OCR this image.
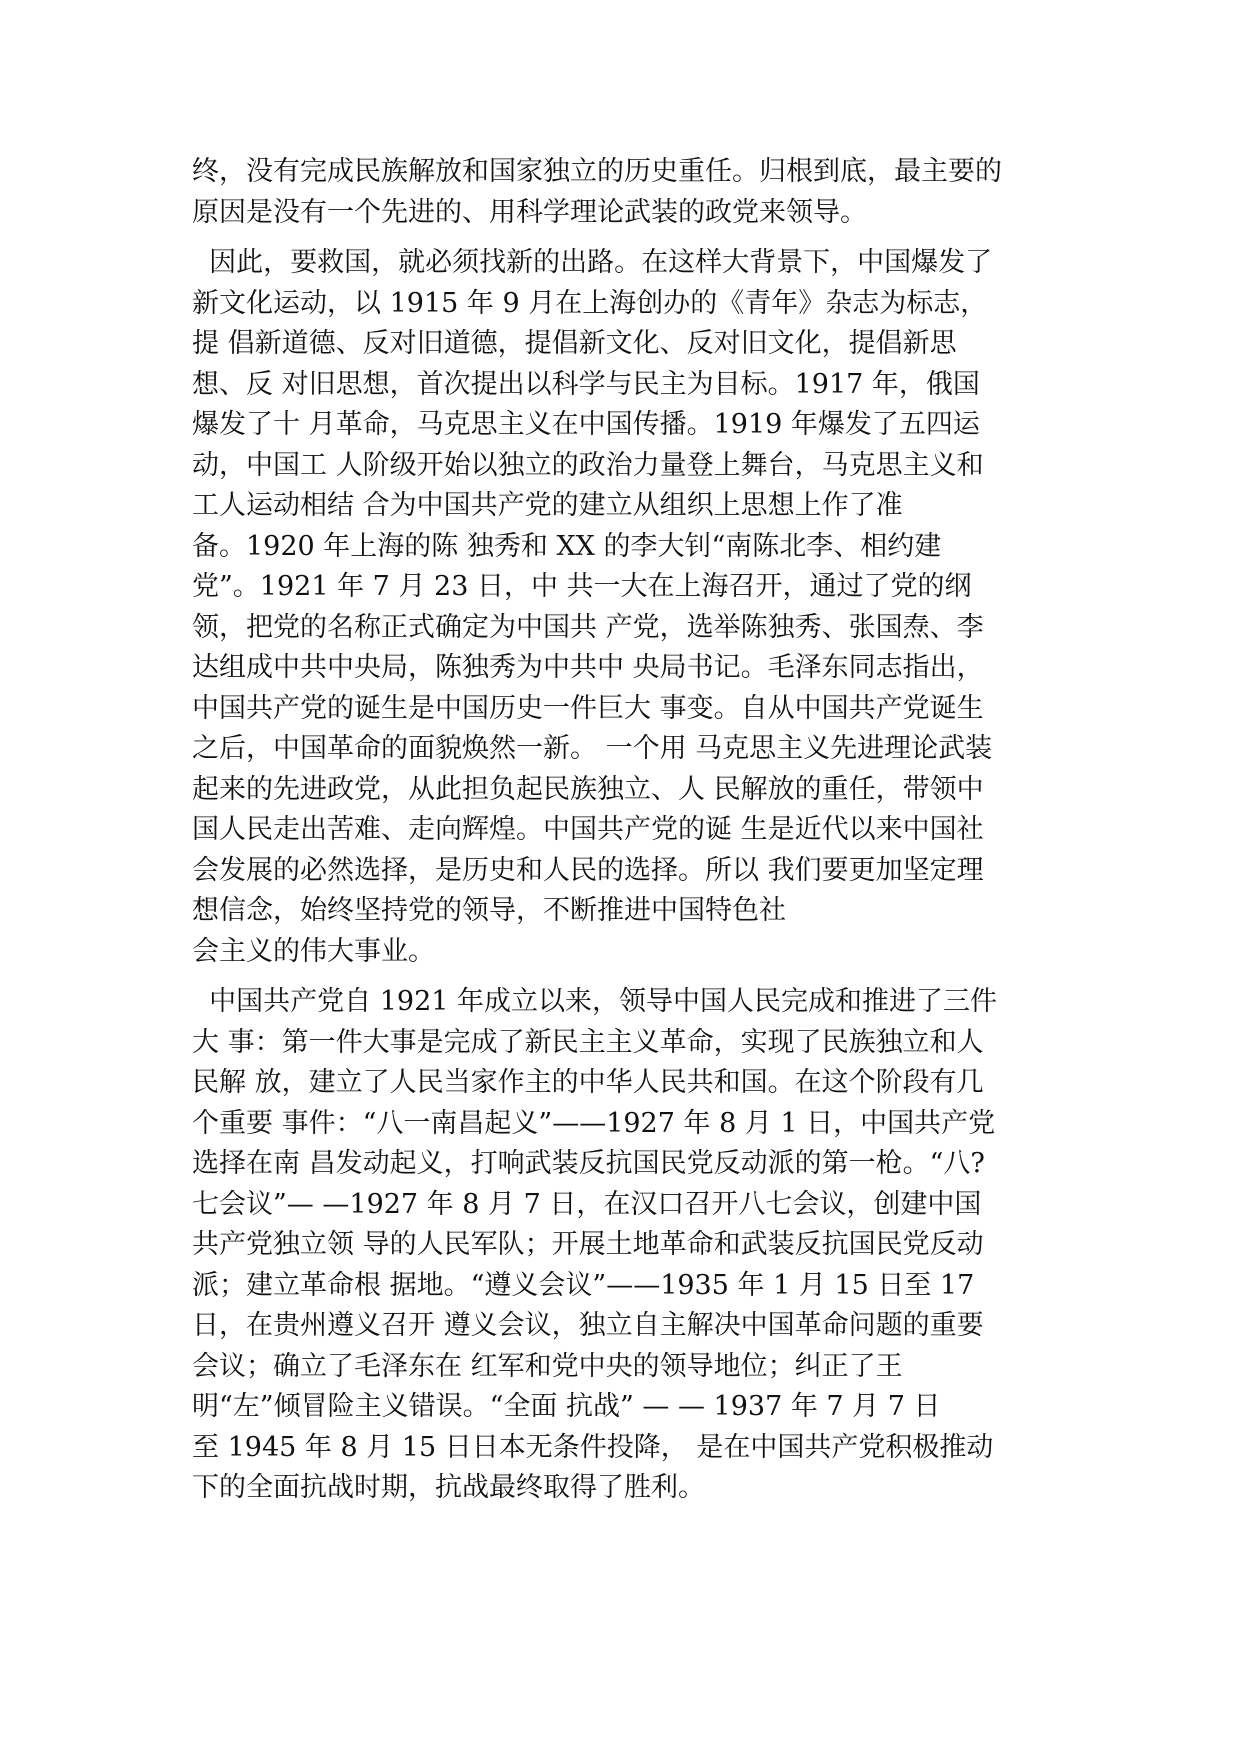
终，没有完成民族解放和国家独立的历史重任。归根到底，最主要的
原因是没有一个先进的、用科学理论武装的政党来领导。

因此，要救国，就必须找新的出路。在这样大背景下，中国爆发了
新文化运动，以 1915 年 9 月在上海创办的《青年》杂志为标志，
提 倡新道德、反对旧道德，提倡新文化、反对旧文化，提倡新思
想、反 对旧思想，首次提出以科学与民主为目标。1917 年，俄国
爆发了十 月革命，马克思主义在中国传播。1919 年爆发了五四运
动，中国工 人阶级开始以独立的政治力量登上舞台，马克思主义和
工人运动相结 合为中国共产党的建立从组织上思想上作了准
备。1920 年上海的陈 独秀和 XX 的李大钊“南陈北李、相约建
党”。1921 年 7 月 23 日，中 共一大在上海召开，通过了党的纲
领，把党的名称正式确定为中国共 产党，选举陈独秀、张国焘、李
达组成中共中央局，陈独秀为中共中 央局书记。毛泽东同志指出，
中国共产党的诞生是中国历史一件巨大 事变。自从中国共产党诞生
之后，中国革命的面貌焕然一新。 一个用 马克思主义先进理论武装
起来的先进政党，从此担负起民族独立、人 民解放的重任，带领中
国人民走出苦难、走向辉煌。中国共产党的诞 生是近代以来中国社
会发展的必然选择，是历史和人民的选择。所以 我们要更加坚定理
想信念，始终坚持党的领导，不断推进中国特色社
会主义的伟大事业。

中国共产党自 1921 年成立以来，领导中国人民完成和推进了三件
大 事：第一件大事是完成了新民主主义革命，实现了民族独立和人
民解 放，建立了人民当家作主的中华人民共和国。在这个阶段有几
个重要 事件：“八一南昌起义”——1927 年 8 月 1 日，中国共产党
选择在南 昌发动起义，打响武装反抗国民党反动派的第一枪。“八?
七会议”— —1927 年 8 月 7 日，在汉口召开八七会议，创建中国
共产党独立领 导的人民军队；开展土地革命和武装反抗国民党反动
派；建立革命根 据地。“遵义会议”——1935 年 1 月 15 日至 17
日，在贵州遵义召开 遵义会议，独立自主解决中国革命问题的重要
会议；确立了毛泽东在 红军和党中央的领导地位；纠正了王
明“左”倾冒险主义错误。“全面 抗战” — — 1937 年 7 月 7 日
至 1945 年 8 月 15 日日本无条件投降， 是在中国共产党积极推动
下的全面抗战时期，抗战最终取得了胜利。
